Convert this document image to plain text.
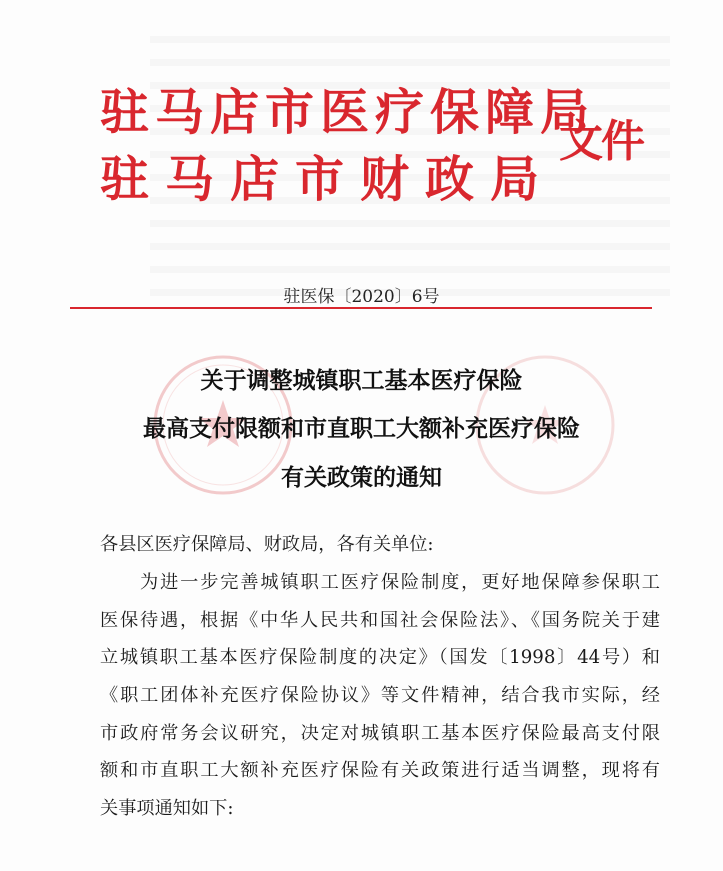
驻马店市医疗保障局
驻马店市财政局
文件
驻医保〔2020〕6号
关于调整城镇职工基本医疗保险
最高支付限额和市直职工大额补充医疗保险
有关政策的通知
各县区医疗保障局、财政局，各有关单位:
为进一步完善城镇职工医疗保险制度，更好地保障参保职工
医保待遇，根据《中华人民共和国社会保险法》、《国务院关于建
立城镇职工基本医疗保险制度的决定》（国发〔1998〕44号）和
《职工团体补充医疗保险协议》等文件精神，结合我市实际，经
市政府常务会议研究，决定对城镇职工基本医疗保险最高支付限
额和市直职工大额补充医疗保险有关政策进行适当调整，现将有
关事项通知如下:
